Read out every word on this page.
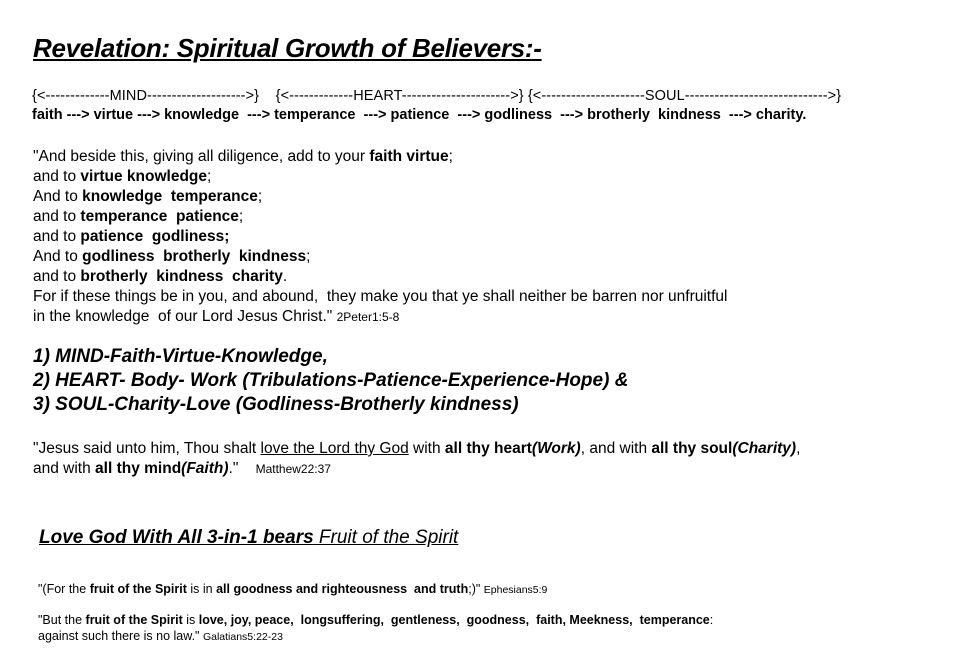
Revelation: Spiritual Growth of Believers:-
{<-------------MIND-------------------->}    {<-------------HEART---------------------->} {<---------------------SOUL----------------------------->}
faith ---> virtue ---> knowledge  ---> temperance  ---> patience  ---> godliness  ---> brotherly  kindness  ---> charity.
"And beside this, giving all diligence, add to your faith virtue;
and to virtue knowledge;
And to knowledge  temperance;
and to temperance  patience;
and to patience  godliness;
And to godliness  brotherly  kindness;
and to brotherly  kindness  charity.
For if these things be in you, and abound,  they make you that ye shall neither be barren nor unfruitful
in the knowledge  of our Lord Jesus Christ." 2Peter1:5-8
1) MIND-Faith-Virtue-Knowledge,
2) HEART- Body- Work (Tribulations-Patience-Experience-Hope) &
3) SOUL-Charity-Love (Godliness-Brotherly kindness)
"Jesus said unto him, Thou shalt love the Lord thy God with all thy heart(Work), and with all thy soul(Charity),
and with all thy mind(Faith)." Matthew22:37
Love God With All 3-in-1 bears Fruit of the Spirit
"(For the fruit of the Spirit is in all goodness and righteousness  and truth;)" Ephesians5:9
"But the fruit of the Spirit is love, joy, peace,  longsuffering,  gentleness,  goodness,  faith, Meekness,  temperance:
against such there is no law." Galatians5:22-23
